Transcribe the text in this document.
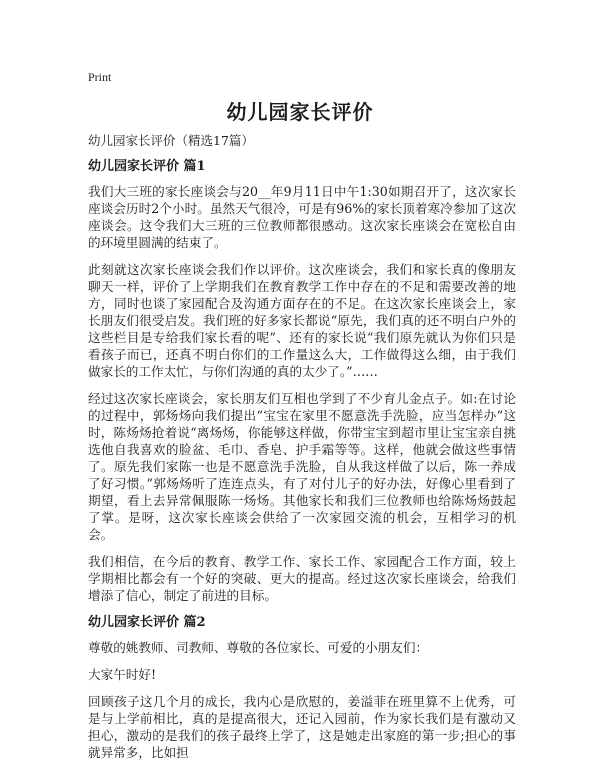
Print
幼儿园家长评价
幼儿园家长评价（精选17篇）
幼儿园家长评价 篇1

我们大三班的家长座谈会与20__年9月11日中午1:30如期召开了，这次家长座谈会历时2个小时。虽然天气很冷，可是有96%的家长顶着寒冷参加了这次座谈会。这令我们大三班的三位教师都很感动。这次家长座谈会在宽松自由的环境里圆满的结束了。

此刻就这次家长座谈会我们作以评价。这次座谈会，我们和家长真的像朋友聊天一样，评价了上学期我们在教育教学工作中存在的不足和需要改善的地方，同时也谈了家园配合及沟通方面存在的不足。在这次家长座谈会上，家长朋友们很受启发。我们班的好多家长都说“原先，我们真的还不明白户外的这些栏目是专给我们家长看的呢”、还有的家长说“我们原先就认为你们只是看孩子而已，还真不明白你们的工作量这么大，工作做得这么细，由于我们做家长的工作太忙，与你们沟通的真的太少了。”……

经过这次家长座谈会，家长朋友们互相也学到了不少育儿金点子。如:在讨论的过程中，郭炀炀向我们提出“宝宝在家里不愿意洗手洗脸，应当怎样办”这时，陈炀炀抢着说“离炀炀，你能够这样做，你带宝宝到超市里让宝宝亲自挑选他自我喜欢的脸盆、毛巾、香皂、护手霜等等。这样，他就会做这些事情了。原先我们家陈一也是不愿意洗手洗脸，自从我这样做了以后，陈一养成了好习惯。”郭炀炀听了连连点头，有了对付儿子的好办法，好像心里看到了期望，看上去异常佩服陈一炀炀。其他家长和我们三位教师也给陈炀炀鼓起了掌。是呀，这次家长座谈会供给了一次家园交流的机会，互相学习的机会。

我们相信，在今后的教育、教学工作、家长工作、家园配合工作方面，较上学期相比都会有一个好的突破、更大的提高。经过这次家长座谈会，给我们增添了信心，制定了前进的目标。

幼儿园家长评价 篇2

尊敬的姚教师、司教师、尊敬的各位家长、可爱的小朋友们：

大家午时好!

回顾孩子这几个月的成长，我内心是欣慰的，姜溢菲在班里算不上优秀，可是与上学前相比，真的是提高很大，还记入园前，作为家长我们是有激动又担心，激动的是我们的孩子最终上学了，这是她走出家庭的第一步;担心的事就异常多，比如担
